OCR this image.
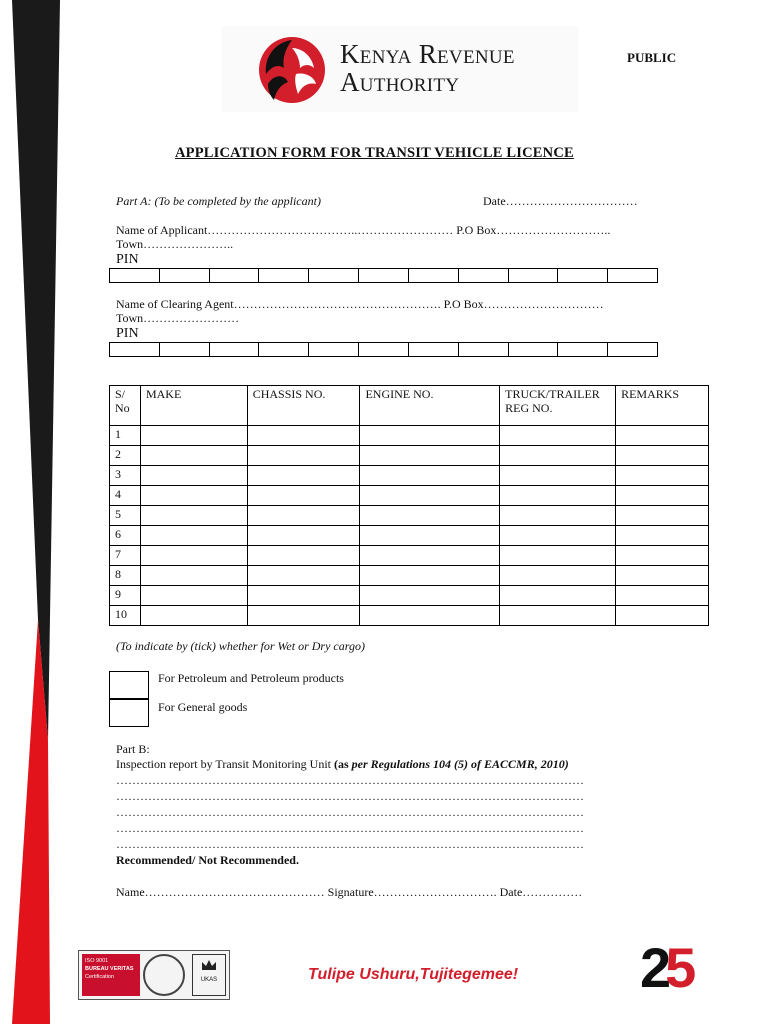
Kenya Revenue
Authority
PUBLIC
APPLICATION FORM FOR TRANSIT VEHICLE LICENCE
Part A: (To be completed by the applicant)	Date……………………………
Name of Applicant………………………………..…………………… P.O Box………………………..
Town…………………..
PIN
Name of Clearing Agent……………………………………………. P.O Box…………………………
Town……………………
PIN
S/ No	MAKE	CHASSIS NO.	ENGINE NO.	TRUCK/TRAILER REG NO.	REMARKS
1					
2					
3					
4					
5					
6					
7					
8					
9					
10					
(To indicate by (tick) whether for Wet or Dry cargo)
For Petroleum and Petroleum products
For General goods
Part B:
Inspection report by Transit Monitoring Unit (as per Regulations 104 (5) of EACCMR, 2010)
………………………………………………………………………………………………………
………………………………………………………………………………………………………
………………………………………………………………………………………………………
………………………………………………………………………………………………………
………………………………………………………………………………………………………
Recommended/ Not Recommended.
Name……………………………………… Signature…………………………. Date……………
ISO 9001
BUREAU VERITAS
Certification	UKAS	Tulipe Ushuru,Tujitegemee! 25
